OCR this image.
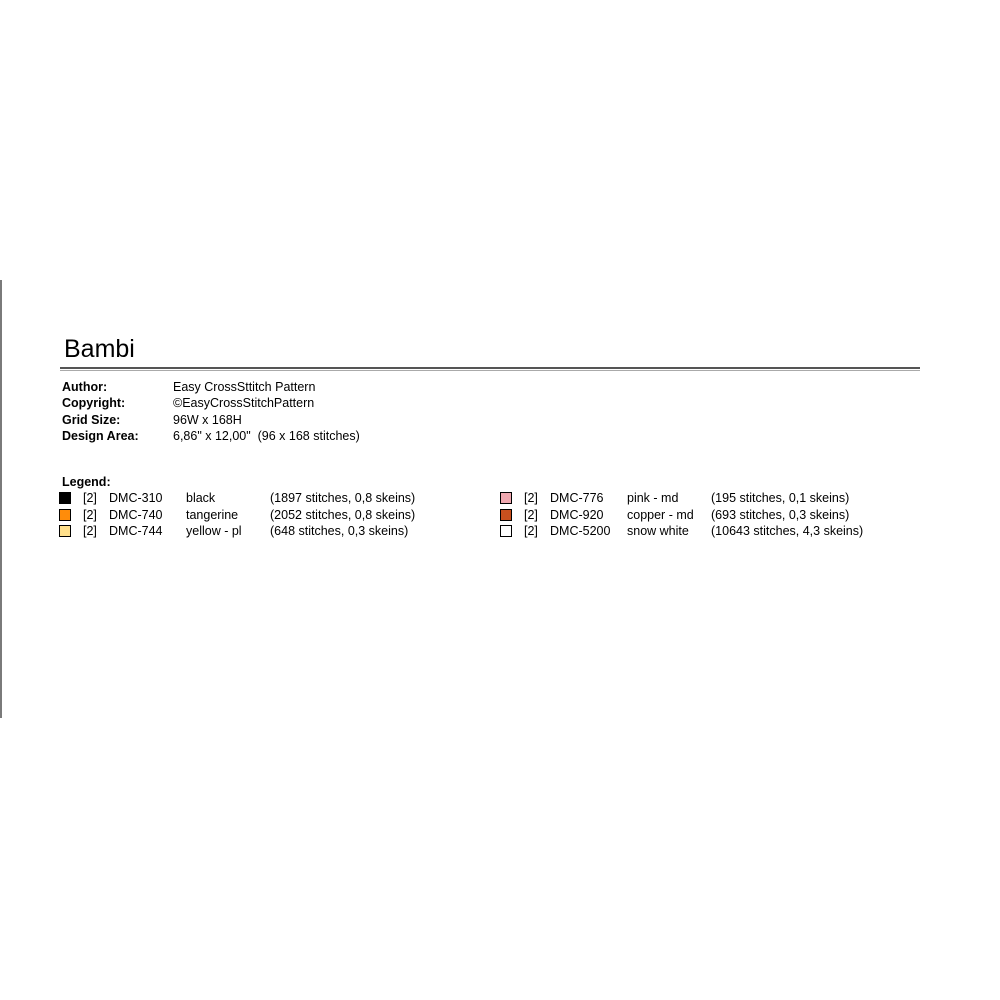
Bambi
Author:	Easy CrossSttitch Pattern
Copyright:	©EasyCrossStitchPattern
Grid Size:	96W x 168H
Design Area:	6,86" x 12,00"  (96 x 168 stitches)
Legend:
[2] DMC-310	black	(1897 stitches, 0,8 skeins)
[2] DMC-740	tangerine	(2052 stitches, 0,8 skeins)
[2] DMC-744	yellow - pl	(648 stitches, 0,3 skeins)
[2] DMC-776	pink - md	(195 stitches, 0,1 skeins)
[2] DMC-920	copper - md	(693 stitches, 0,3 skeins)
[2] DMC-5200	snow white	(10643 stitches, 4,3 skeins)
